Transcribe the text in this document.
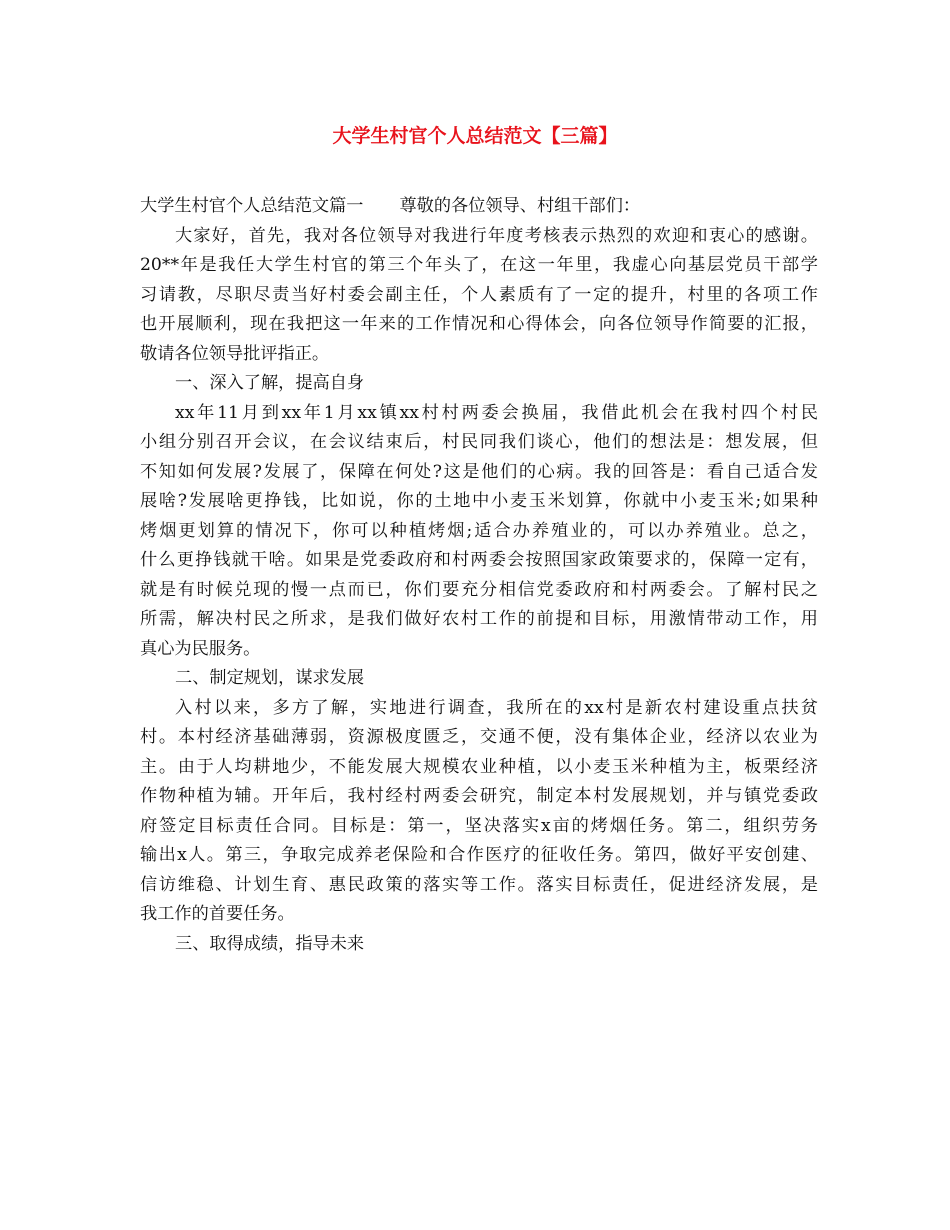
大学生村官个人总结范文【三篇】
大学生村官个人总结范文篇一 尊敬的各位领导、村组干部们：
大家好，首先，我对各位领导对我进行年度考核表示热烈的欢迎和衷心的感谢。
20**年是我任大学生村官的第三个年头了，在这一年里，我虚心向基层党员干部学
习请教，尽职尽责当好村委会副主任，个人素质有了一定的提升，村里的各项工作
也开展顺利，现在我把这一年来的工作情况和心得体会，向各位领导作简要的汇报，
敬请各位领导批评指正。
一、深入了解，提高自身
xx年11月到xx年1月xx镇xx村村两委会换届，我借此机会在我村四个村民
小组分别召开会议，在会议结束后，村民同我们谈心，他们的想法是：想发展，但
不知如何发展?发展了，保障在何处?这是他们的心病。我的回答是：看自己适合发
展啥?发展啥更挣钱，比如说，你的土地中小麦玉米划算，你就中小麦玉米;如果种
烤烟更划算的情况下，你可以种植烤烟;适合办养殖业的，可以办养殖业。总之，
什么更挣钱就干啥。如果是党委政府和村两委会按照国家政策要求的，保障一定有，
就是有时候兑现的慢一点而已，你们要充分相信党委政府和村两委会。了解村民之
所需，解决村民之所求，是我们做好农村工作的前提和目标，用激情带动工作，用
真心为民服务。
二、制定规划，谋求发展
入村以来，多方了解，实地进行调查，我所在的xx村是新农村建设重点扶贫
村。本村经济基础薄弱，资源极度匮乏，交通不便，没有集体企业，经济以农业为
主。由于人均耕地少，不能发展大规模农业种植，以小麦玉米种植为主，板栗经济
作物种植为辅。开年后，我村经村两委会研究，制定本村发展规划，并与镇党委政
府签定目标责任合同。目标是：第一，坚决落实x亩的烤烟任务。第二，组织劳务
输出x人。第三，争取完成养老保险和合作医疗的征收任务。第四，做好平安创建、
信访维稳、计划生育、惠民政策的落实等工作。落实目标责任，促进经济发展，是
我工作的首要任务。
三、取得成绩，指导未来
